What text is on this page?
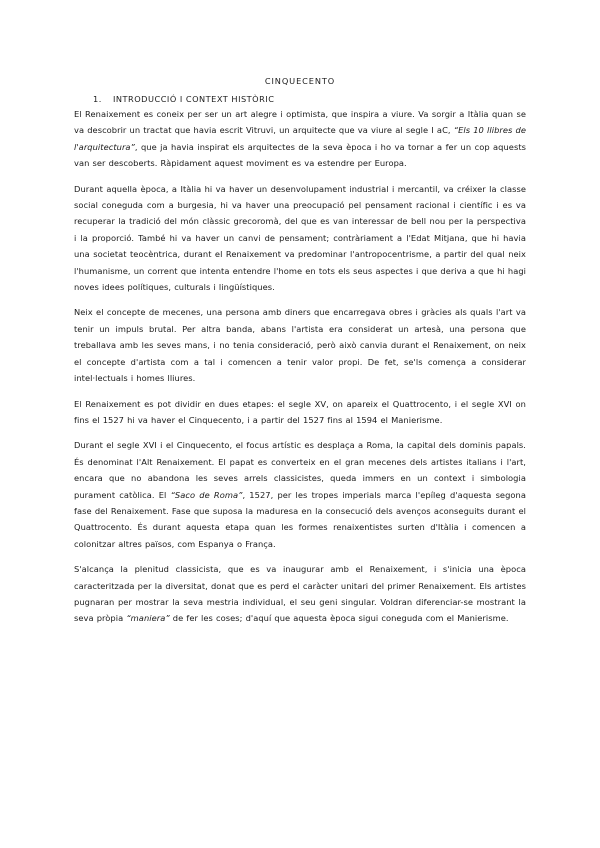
CINQUECENTO
1. INTRODUCCIÓ I CONTEXT HISTÒRIC

El Renaixement es coneix per ser un art alegre i optimista, que inspira a viure. Va sorgir a Itàlia quan se va descobrir un tractat que havia escrit Vitruvi, un arquitecte que va viure al segle I aC, “Els 10 llibres de l'arquitectura”, que ja havia inspirat els arquitectes de la seva època i ho va tornar a fer un cop aquests van ser descoberts. Ràpidament aquest moviment es va estendre per Europa.

Durant aquella època, a Itàlia hi va haver un desenvolupament industrial i mercantil, va créixer la classe social coneguda com a burgesia, hi va haver una preocupació pel pensament racional i científic i es va recuperar la tradició del món clàssic grecoromà, del que es van interessar de bell nou per la perspectiva i la proporció. També hi va haver un canvi de pensament; contràriament a l'Edat Mitjana, que hi havia una societat teocèntrica, durant el Renaixement va predominar l'antropocentrisme, a partir del qual neix l'humanisme, un corrent que intenta entendre l'home en tots els seus aspectes i que deriva a que hi hagi noves idees polítiques, culturals i lingüístiques.

Neix el concepte de mecenes, una persona amb diners que encarregava obres i gràcies als quals l'art va tenir un impuls brutal. Per altra banda, abans l'artista era considerat un artesà, una persona que treballava amb les seves mans, i no tenia consideració, però això canvia durant el Renaixement, on neix el concepte d'artista com a tal i comencen a tenir valor propi. De fet, se'ls comença a considerar intel·lectuals i homes lliures.

El Renaixement es pot dividir en dues etapes: el segle XV, on apareix el Quattrocento, i el segle XVI on fins el 1527 hi va haver el Cinquecento, i a partir del 1527 fins al 1594 el Manierisme.

Durant el segle XVI i el Cinquecento, el focus artístic es desplaça a Roma, la capital dels dominis papals. És denominat l'Alt Renaixement. El papat es converteix en el gran mecenes dels artistes italians i l'art, encara que no abandona les seves arrels classicistes, queda immers en un context i simbologia purament catòlica. El “Saco de Roma”, 1527, per les tropes imperials marca l'epíleg d'aquesta segona fase del Renaixement. Fase que suposa la maduresa en la consecució dels avenços aconseguits durant el Quattrocento. És durant aquesta etapa quan les formes renaixentistes surten d'Itàlia i comencen a colonitzar altres països, com Espanya o França.

S'alcança la plenitud classicista, que es va inaugurar amb el Renaixement, i s'inicia una època caracteritzada per la diversitat, donat que es perd el caràcter unitari del primer Renaixement. Els artistes pugnaran per mostrar la seva mestria individual, el seu geni singular. Voldran diferenciar-se mostrant la seva pròpia “maniera” de fer les coses; d'aquí que aquesta època sigui coneguda com el Manierisme.
